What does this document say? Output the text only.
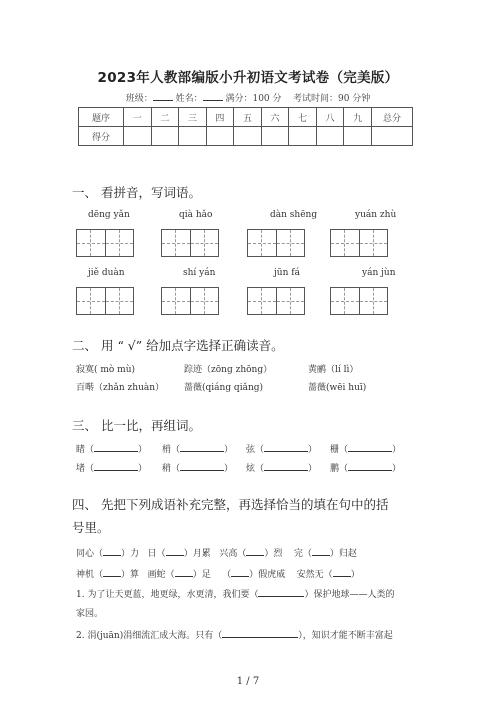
2023年人教部编版小升初语文考试卷（完美版）
班级：	姓名：	满分：100 分 考试时间：90 分钟
题序	一	二	三	四	五	六	七	八	九	总分
得分										
一、 看拼音，写词语。
dēng yǎn	qià hǎo	dàn shēng	yuán zhù
jiě duàn	shí yán	jūn fá	yán jùn
二、 用 “ √” 给加点字选择正确读音。
寂寞( mò mù)	踪迹（zōng zhōng）	黄鹂（lí lì）
百啭（zhǎn zhuàn） 蔷薇(qiáng qiǎng)	蔷薇(wēi huī)
三、 比一比，再组词。
睹（	） 梢（	） 弦（	） 栅（	）
堵（	） 稍（	） 炫（	） 鹏（	）
四、 先把下列成语补充完整，再选择恰当的填在句中的括
号里。
同心（ ）力 日（ ）月累 兴高（ ）烈 完（ ）归赵
神机（ ）算 画蛇（ ）足    （ ）假虎威 安然无（ ）
1. 为了让天更蓝，地更绿，水更清，我们要（	）保护地球——人类的
家园。
2. 涓(juān)涓细流汇成大海。只有（	），知识才能不断丰富起
1 / 7
